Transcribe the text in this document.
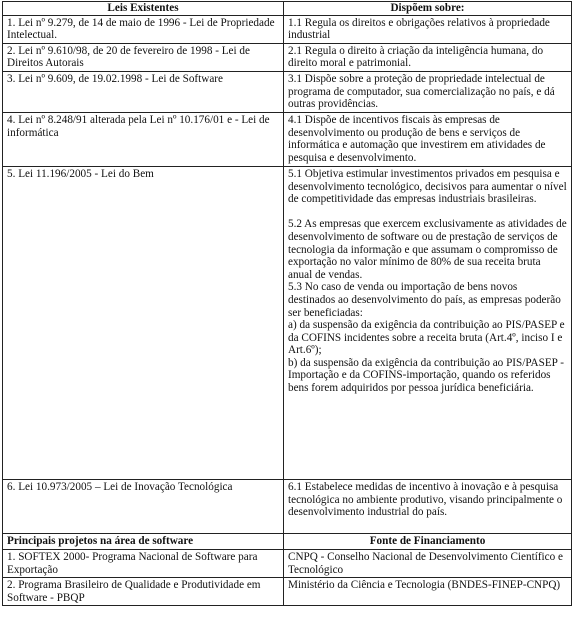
Leis Existentes	Dispõem sobre:
1. Lei nº 9.279, de 14 de maio de 1996 - Lei de Propriedade Intelectual.	1.1 Regula os direitos e obrigações relativos à propriedade industrial
2. Lei nº 9.610/98, de 20 de fevereiro de 1998 - Lei de Direitos Autorais	2.1 Regula o direito à criação da inteligência humana, do direito moral e patrimonial.
3. Lei nº 9.609, de 19.02.1998 - Lei de Software	3.1 Dispõe sobre a proteção de propriedade intelectual de programa de computador, sua comercialização no país, e dá outras providências.
4. Lei nº 8.248/91 alterada pela Lei nº 10.176/01 e - Lei de informática	4.1 Dispõe de incentivos fiscais às empresas de desenvolvimento ou produção de bens e serviços de informática e automação que investirem em atividades de pesquisa e desenvolvimento.
5. Lei 11.196/2005 - Lei do Bem	5.1 Objetiva estimular investimentos privados em pesquisa e desenvolvimento tecnológico, decisivos para aumentar o nível de competitividade das empresas industriais brasileiras.

5.2 As empresas que exercem exclusivamente as atividades de desenvolvimento de software ou de prestação de serviços de tecnologia da informação e que assumam o compromisso de exportação no valor mínimo de 80% de sua receita bruta anual de vendas.
5.3 No caso de venda ou importação de bens novos destinados ao desenvolvimento do país, as empresas poderão ser beneficiadas:
a) da suspensão da exigência da contribuição ao PIS/PASEP e da COFINS incidentes sobre a receita bruta (Art.4º, inciso I e Art.6º);
b) da suspensão da exigência da contribuição ao PIS/PASEP - Importação e da COFINS-importação, quando os referidos bens forem adquiridos por pessoa jurídica beneficiária.
6. Lei 10.973/2005 – Lei de Inovação Tecnológica	6.1 Estabelece medidas de incentivo à inovação e à pesquisa tecnológica no ambiente produtivo, visando principalmente o desenvolvimento industrial do país.
Principais projetos na área de software	Fonte de Financiamento
1. SOFTEX 2000- Programa Nacional de Software para Exportação	CNPQ - Conselho Nacional de Desenvolvimento Científico e Tecnológico
2. Programa Brasileiro de Qualidade e Produtividade em Software - PBQP	Ministério da Ciência e Tecnologia (BNDES-FINEP-CNPQ)
